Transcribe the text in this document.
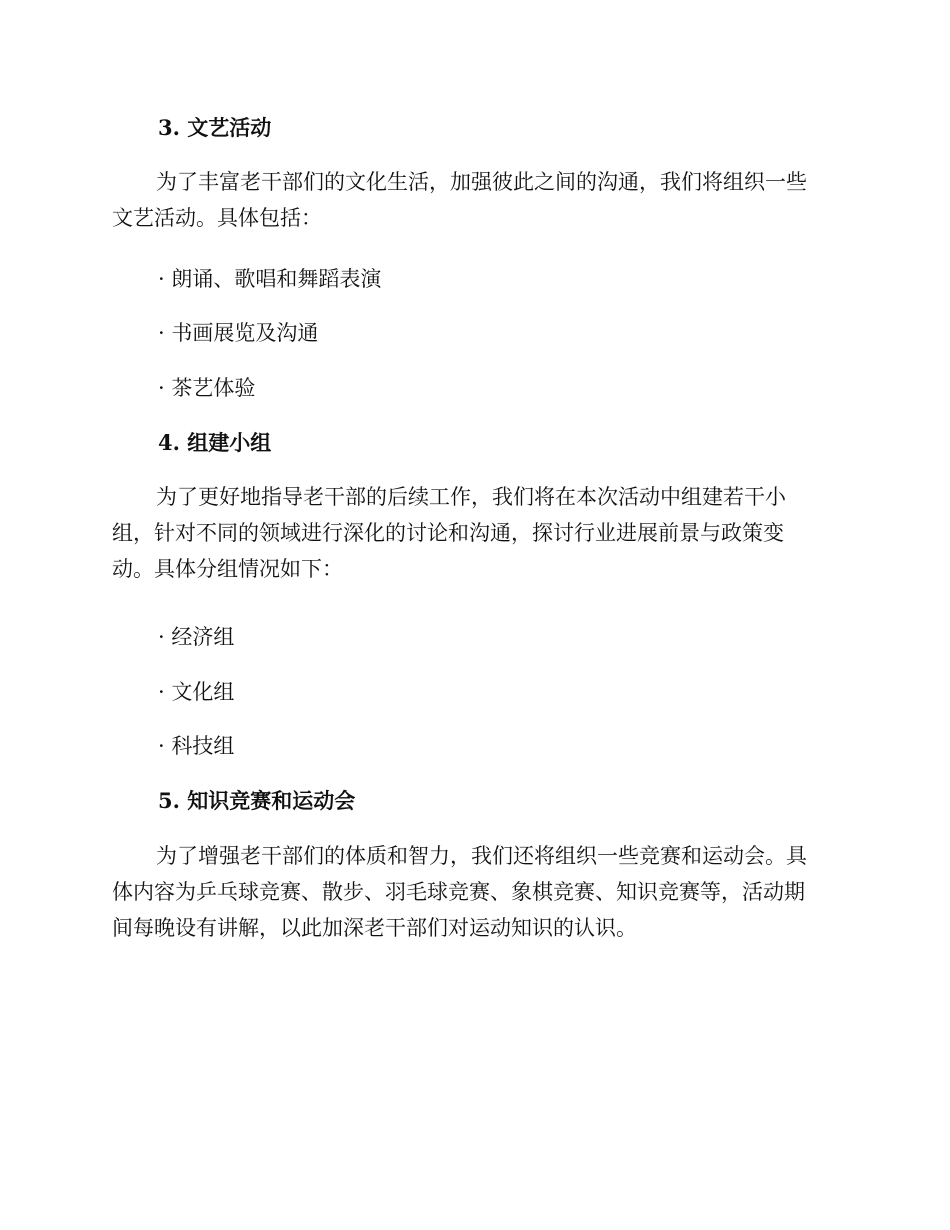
3. 文艺活动
为了丰富老干部们的文化生活，加强彼此之间的沟通，我们将组织一些
文艺活动。具体包括：
· 朗诵、歌唱和舞蹈表演
· 书画展览及沟通
· 茶艺体验
4. 组建小组
为了更好地指导老干部的后续工作，我们将在本次活动中组建若干小
组，针对不同的领域进行深化的讨论和沟通，探讨行业进展前景与政策变
动。具体分组情况如下：
· 经济组
· 文化组
· 科技组
5. 知识竞赛和运动会
为了增强老干部们的体质和智力，我们还将组织一些竞赛和运动会。具
体内容为乒乓球竞赛、散步、羽毛球竞赛、象棋竞赛、知识竞赛等，活动期
间每晚设有讲解，以此加深老干部们对运动知识的认识。
